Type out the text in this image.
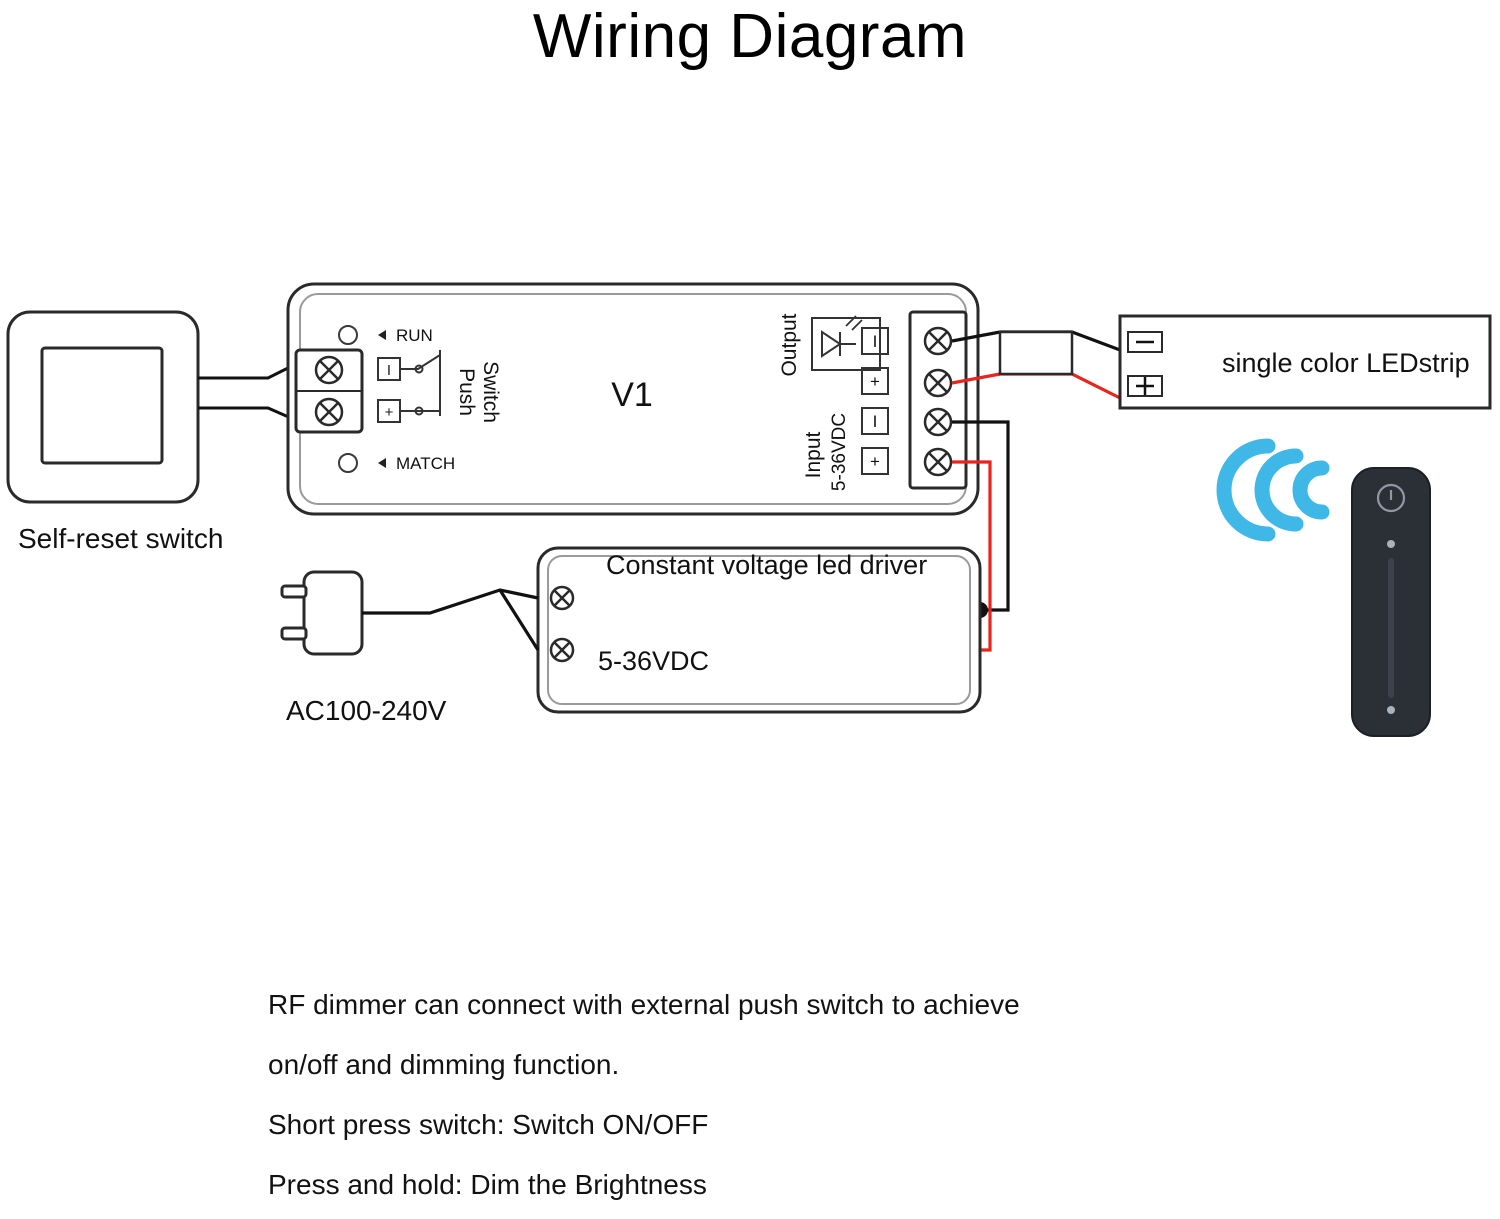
Wiring Diagram
I
+
RUN
MATCH
V1
Push Switch
Output
Input 5-36VDC
I
+
I
+
single color LEDstrip
Constant voltage led driver
5-36VDC
AC100-240V
Self-reset switch
RF dimmer can connect with external push switch to achieve
on/off and dimming function.
Short press switch: Switch ON/OFF
Press and hold: Dim the Brightness
